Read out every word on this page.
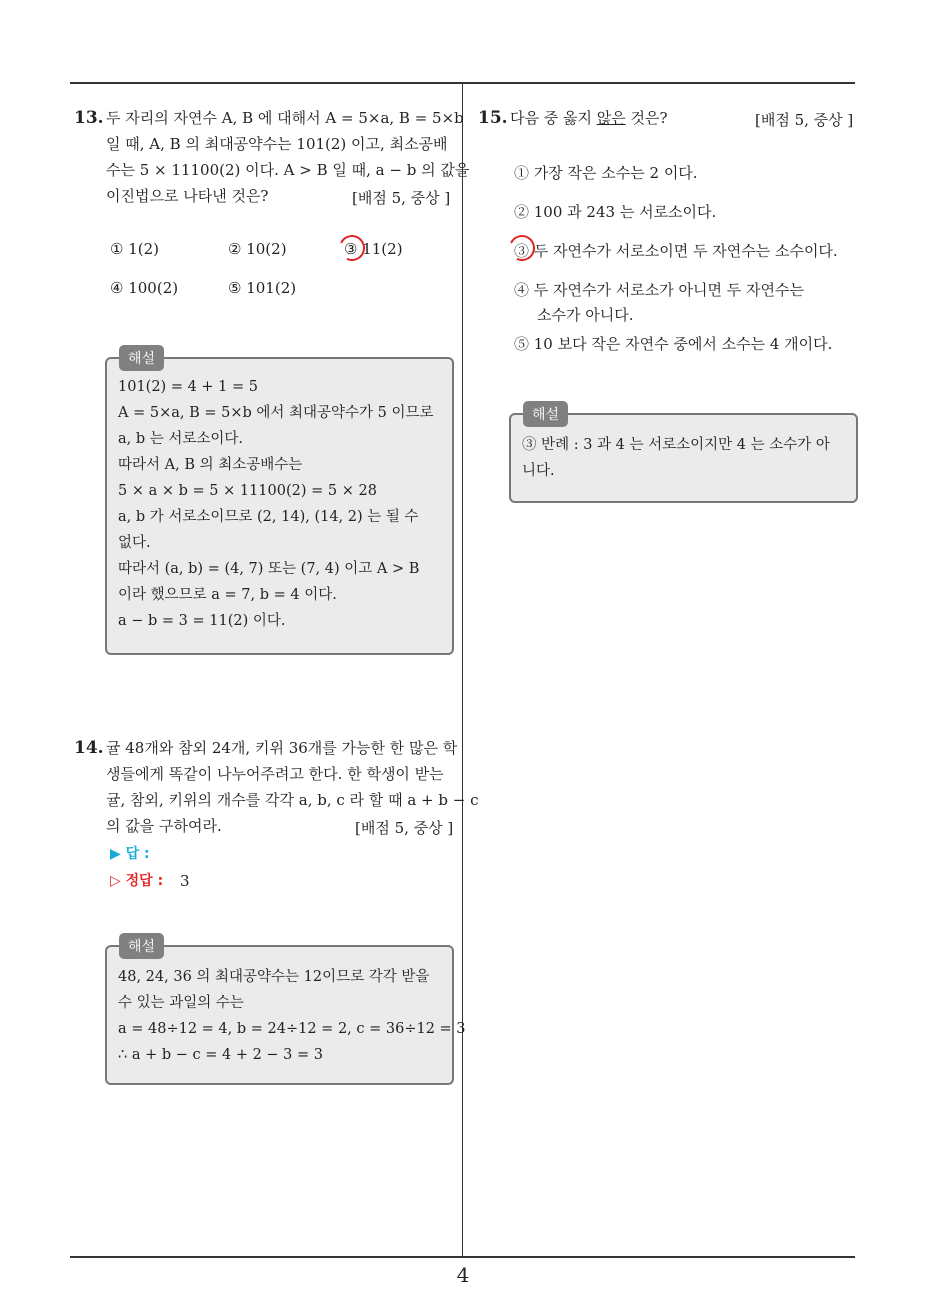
13. 두 자리의 자연수 A, B 에 대해서 A = 5×a, B = 5×b
일 때, A, B 의 최대공약수는 101(2) 이고, 최소공배
수는 5 × 11100(2) 이다. A > B 일 때, a − b 의 값을
이진법으로 나타낸 것은?	[배점 5, 중상 ]
① 1(2)	② 10(2)	③ 11(2)
④ 100(2)	⑤ 101(2)
해설
101(2) = 4 + 1 = 5
A = 5×a, B = 5×b 에서 최대공약수가 5 이므로
a, b 는 서로소이다.
따라서 A, B 의 최소공배수는
5 × a × b = 5 × 11100(2) = 5 × 28
a, b 가 서로소이므로 (2, 14), (14, 2) 는 될 수
없다.
따라서 (a, b) = (4, 7) 또는 (7, 4) 이고 A > B
이라 했으므로 a = 7, b = 4 이다.
a − b = 3 = 11(2) 이다.
14. 귤 48개와 참외 24개, 키위 36개를 가능한 한 많은 학
생들에게 똑같이 나누어주려고 한다. 한 학생이 받는
귤, 참외, 키위의 개수를 각각 a, b, c 라 할 때 a + b − c
의 값을 구하여라.	[배점 5, 중상 ]
▶ 답 :
▷ 정답 : 3
해설
48, 24, 36 의 최대공약수는 12이므로 각각 받을
수 있는 과일의 수는
a = 48÷12 = 4, b = 24÷12 = 2, c = 36÷12 = 3
∴ a + b − c = 4 + 2 − 3 = 3
15. 다음 중 옳지 않은 것은?	[배점 5, 중상 ]
① 가장 작은 소수는 2 이다.
② 100 과 243 는 서로소이다.
③ 두 자연수가 서로소이면 두 자연수는 소수이다.
④ 두 자연수가 서로소가 아니면 두 자연수는
소수가 아니다.
⑤ 10 보다 작은 자연수 중에서 소수는 4 개이다.
해설
③ 반례 : 3 과 4 는 서로소이지만 4 는 소수가 아
니다.
4
